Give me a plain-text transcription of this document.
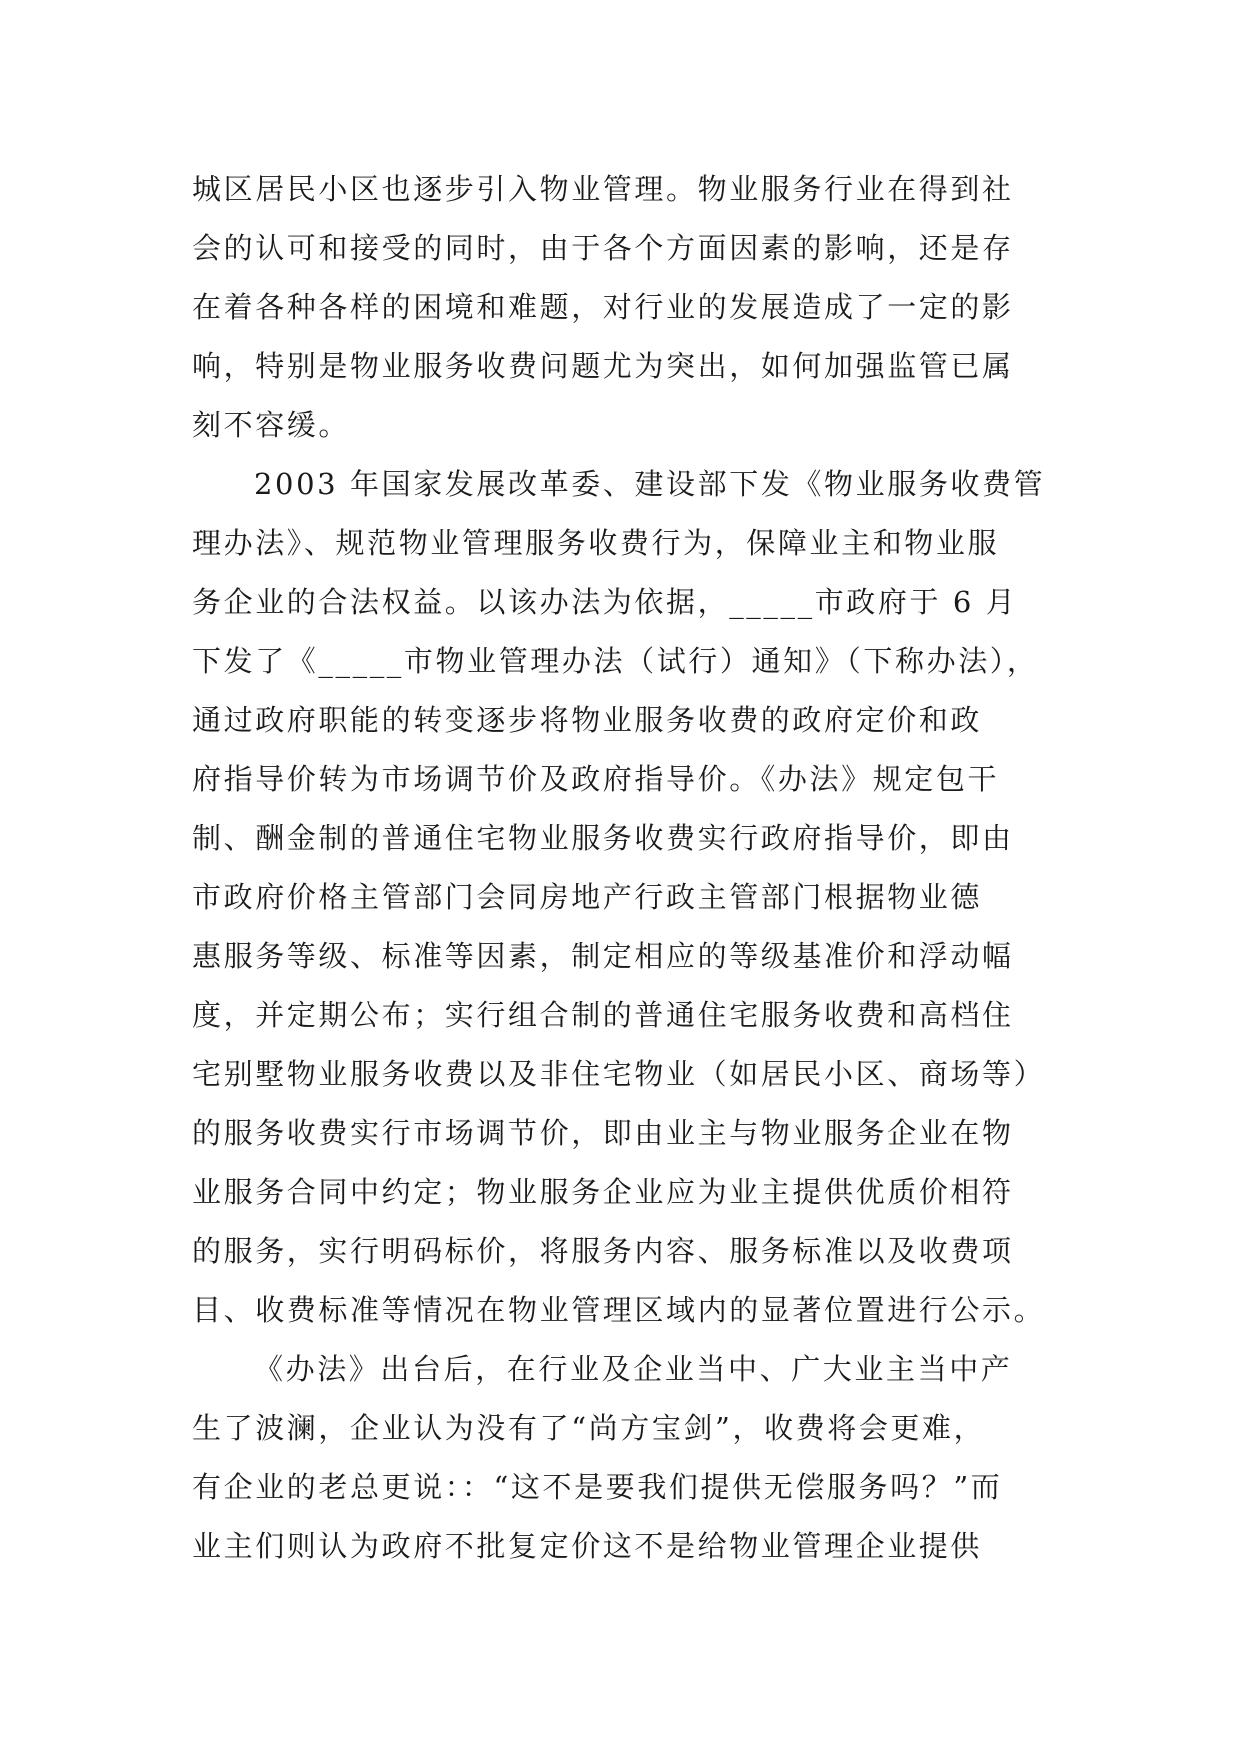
城区居民小区也逐步引入物业管理。物业服务行业在得到社
会的认可和接受的同时，由于各个方面因素的影响，还是存
在着各种各样的困境和难题，对行业的发展造成了一定的影
响，特别是物业服务收费问题尤为突出，如何加强监管已属
刻不容缓。
2003 年国家发展改革委、建设部下发《物业服务收费管
理办法》、规范物业管理服务收费行为，保障业主和物业服
务企业的合法权益。以该办法为依据，_____市政府于 6 月
下发了《_____市物业管理办法（试行）通知》（下称办法），
通过政府职能的转变逐步将物业服务收费的政府定价和政
府指导价转为市场调节价及政府指导价。《办法》规定包干
制、酬金制的普通住宅物业服务收费实行政府指导价，即由
市政府价格主管部门会同房地产行政主管部门根据物业德
惠服务等级、标准等因素，制定相应的等级基准价和浮动幅
度，并定期公布；实行组合制的普通住宅服务收费和高档住
宅别墅物业服务收费以及非住宅物业（如居民小区、商场等）
的服务收费实行市场调节价，即由业主与物业服务企业在物
业服务合同中约定；物业服务企业应为业主提供优质价相符
的服务，实行明码标价，将服务内容、服务标准以及收费项
目、收费标准等情况在物业管理区域内的显著位置进行公示。
《办法》出台后，在行业及企业当中、广大业主当中产
生了波澜，企业认为没有了“尚方宝剑”，收费将会更难，
有企业的老总更说：：“这不是要我们提供无偿服务吗？”而
业主们则认为政府不批复定价这不是给物业管理企业提供
